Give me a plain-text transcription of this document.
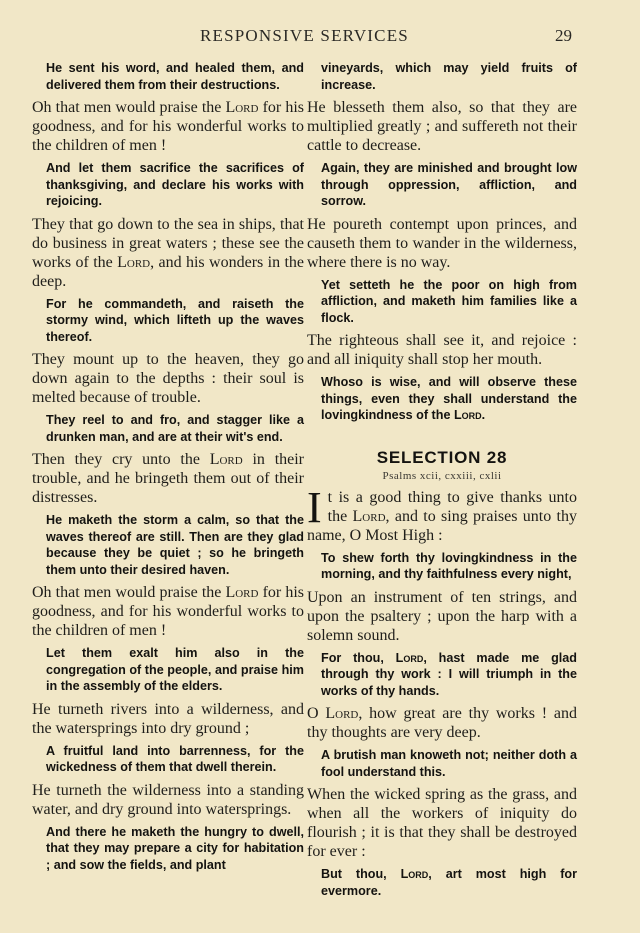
RESPONSIVE SERVICES	29

He sent his word, and healed them, and delivered them from their destructions.

Oh that men would praise the Lord for his goodness, and for his wonderful works to the children of men !

And let them sacrifice the sacrifices of thanksgiving, and declare his works with rejoicing.

They that go down to the sea in ships, that do business in great waters ; these see the works of the Lord, and his wonders in the deep.

For he commandeth, and raiseth the stormy wind, which lifteth up the waves thereof.

They mount up to the heaven, they go down again to the depths : their soul is melted because of trouble.

They reel to and fro, and stagger like a drunken man, and are at their wit's end.

Then they cry unto the Lord in their trouble, and he bringeth them out of their distresses.

He maketh the storm a calm, so that the waves thereof are still. Then are they glad because they be quiet ; so he bringeth them unto their desired haven.

Oh that men would praise the Lord for his goodness, and for his wonderful works to the children of men !

Let them exalt him also in the congregation of the people, and praise him in the assembly of the elders.

He turneth rivers into a wilderness, and the watersprings into dry ground ;

A fruitful land into barrenness, for the wickedness of them that dwell therein.

He turneth the wilderness into a standing water, and dry ground into watersprings.

And there he maketh the hungry to dwell, that they may prepare a city for habitation ; and sow the fields, and plant

vineyards, which may yield fruits of increase.

He blesseth them also, so that they are multiplied greatly ; and suffereth not their cattle to decrease.

Again, they are minished and brought low through oppression, affliction, and sorrow.

He poureth contempt upon princes, and causeth them to wander in the wilderness, where there is no way.

Yet setteth he the poor on high from affliction, and maketh him families like a flock.

The righteous shall see it, and rejoice : and all iniquity shall stop her mouth.

Whoso is wise, and will observe these things, even they shall understand the lovingkindness of the Lord.

SELECTION 28
Psalms xcii, cxxiii, cxlii

It is a good thing to give thanks unto the Lord, and to sing praises unto thy name, O Most High :

To shew forth thy lovingkindness in the morning, and thy faithfulness every night,

Upon an instrument of ten strings, and upon the psaltery ; upon the harp with a solemn sound.

For thou, Lord, hast made me glad through thy work : I will triumph in the works of thy hands.

O Lord, how great are thy works ! and thy thoughts are very deep.

A brutish man knoweth not; neither doth a fool understand this.

When the wicked spring as the grass, and when all the workers of iniquity do flourish ; it is that they shall be destroyed for ever :

But thou, Lord, art most high for evermore.
